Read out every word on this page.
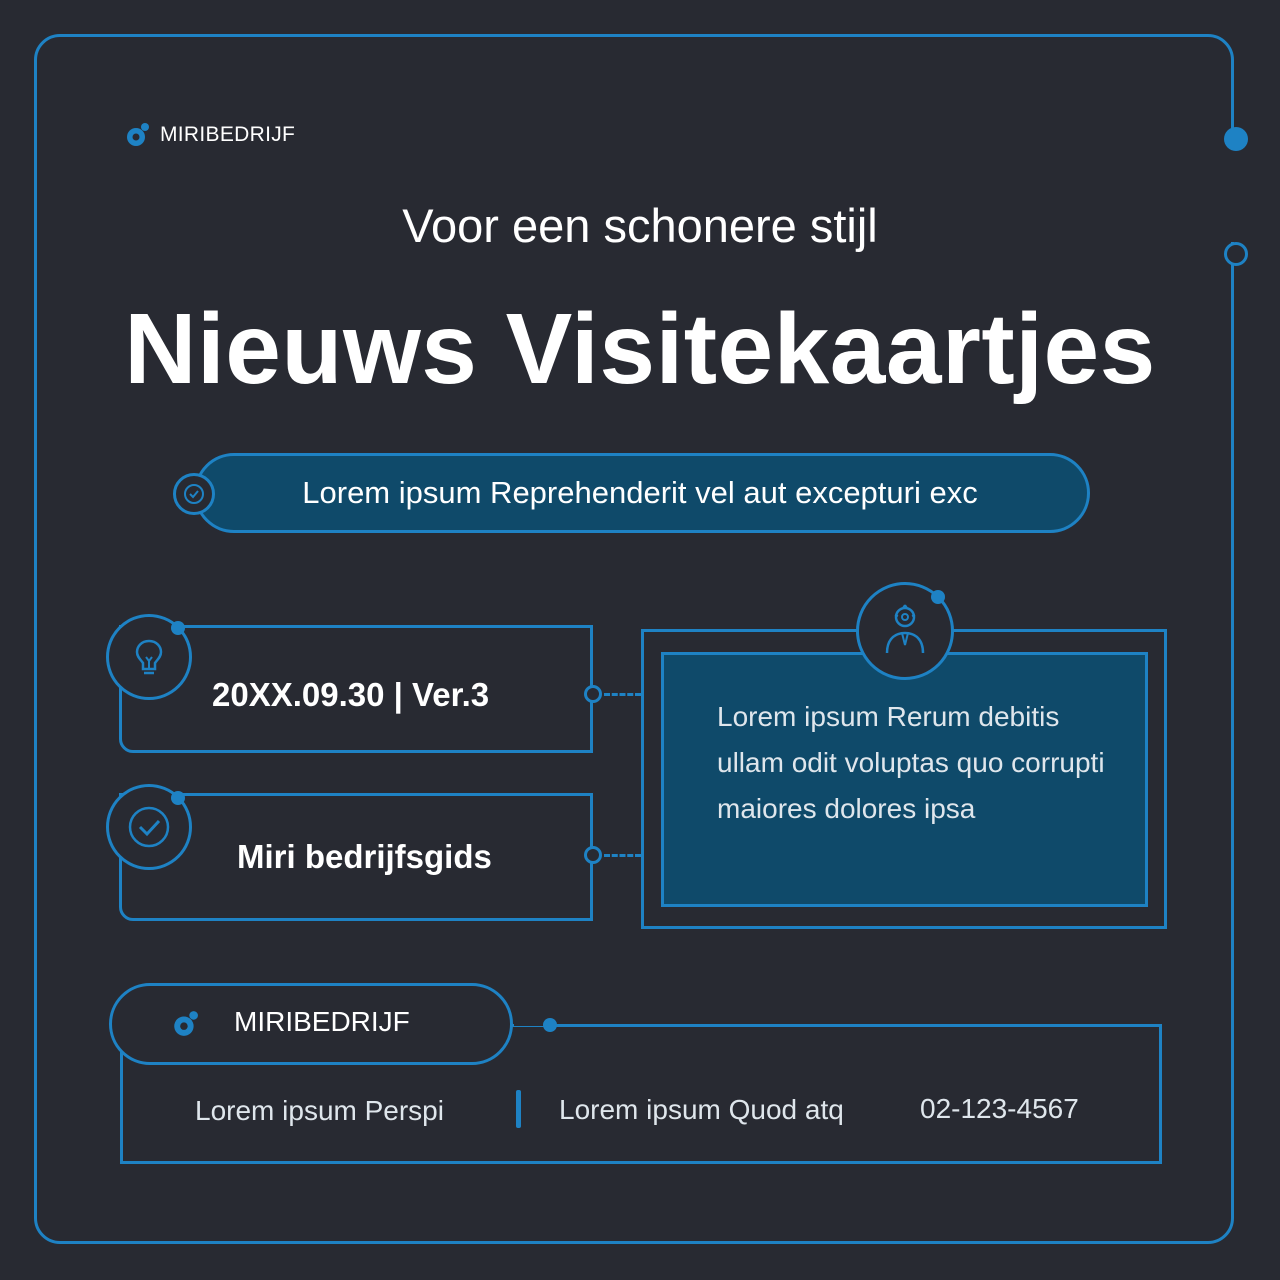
MIRIBEDRIJF
Voor een schonere stijl
Nieuws Visitekaartjes
Lorem ipsum Reprehenderit vel aut excepturi exc
20XX.09.30 | Ver.3
Miri bedrijfsgids
Lorem ipsum Rerum debitis ullam odit voluptas quo corrupti maiores dolores ipsa
MIRIBEDRIJF
Lorem ipsum Perspi	Lorem ipsum Quod atq	02-123-4567
